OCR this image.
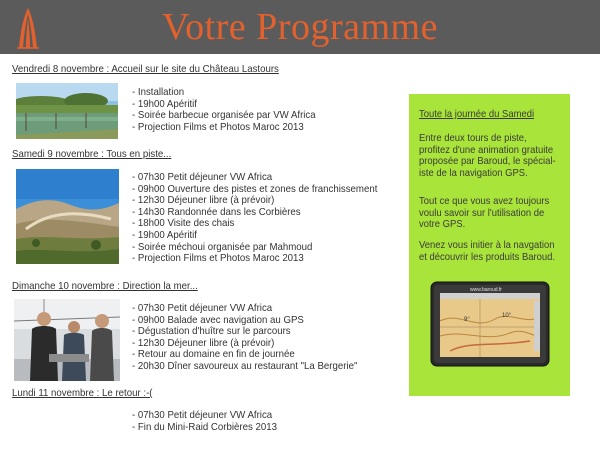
Votre Programme
Vendredi 8 novembre : Accueil sur le site du Château Lastours
- Installation
- 19h00 Apéritif
- Soirée barbecue organisée par VW Africa
- Projection Films et Photos Maroc 2013
Samedi 9 novembre : Tous en piste...
- 07h30 Petit déjeuner VW Africa
- 09h00 Ouverture des pistes et zones de franchissement
- 12h30 Déjeuner libre (à prévoir)
- 14h30 Randonnée dans les Corbières
- 18h00 Visite des chais
- 19h00 Apéritif
- Soirée méchoui organisée par Mahmoud
- Projection Films et Photos Maroc 2013
Dimanche 10 novembre : Direction la mer...
- 07h30 Petit déjeuner VW Africa
- 09h00 Balade avec navigation au GPS
- Dégustation d'huître sur le parcours
- 12h30 Déjeuner libre (à prévoir)
- Retour au domaine en fin de journée
- 20h30 Dîner savoureux au restaurant "La Bergerie"
Lundi 11 novembre : Le retour :-(
- 07h30 Petit déjeuner VW Africa
- Fin du Mini-Raid Corbières 2013
Toute la journée du Samedi
Entre deux tours de piste,
profitez d'une animation gratuite
proposée par Baroud, le spécial-
iste de la navigation GPS.
Tout ce que vous avez toujours
voulu savoir sur l'utilisation de
votre GPS.
Venez vous initier à la navgation
et découvrir les produits Baroud.
www.baroud.fr
9°
10°
